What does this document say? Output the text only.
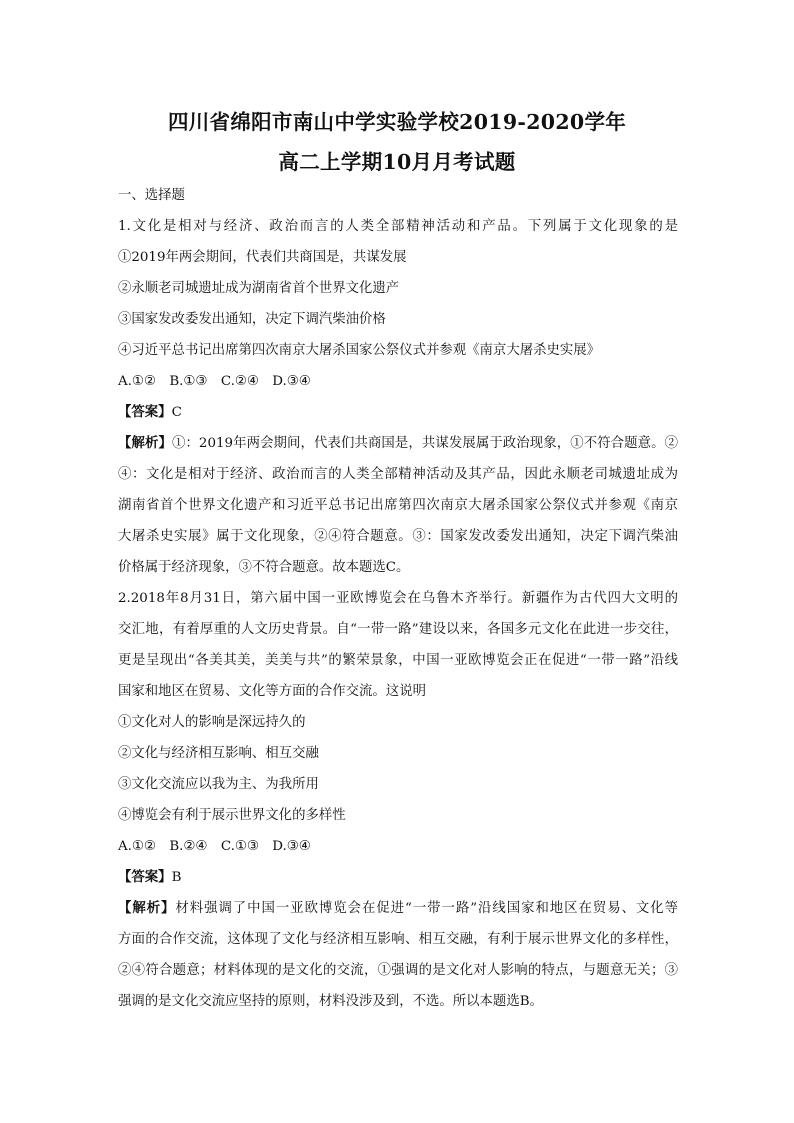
四川省绵阳市南山中学实验学校2019-2020学年
高二上学期10月月考试题
一、选择题
1.文化是相对与经济、政治而言的人类全部精神活动和产品。下列属于文化现象的是
①2019年两会期间，代表们共商国是，共谋发展
②永顺老司城遗址成为湖南省首个世界文化遗产
③国家发改委发出通知，决定下调汽柴油价格
④习近平总书记出席第四次南京大屠杀国家公祭仪式并参观《南京大屠杀史实展》
A.①②　B.①③　C.②④　D.③④
【答案】C
【解析】①：2019年两会期间，代表们共商国是，共谋发展属于政治现象，①不符合题意。②
④：文化是相对于经济、政治而言的人类全部精神活动及其产品，因此永顺老司城遗址成为
湖南省首个世界文化遗产和习近平总书记出席第四次南京大屠杀国家公祭仪式并参观《南京
大屠杀史实展》属于文化现象，②④符合题意。③：国家发改委发出通知，决定下调汽柴油
价格属于经济现象，③不符合题意。故本题选C。
2.2018年8月31日，第六届中国一亚欧博览会在乌鲁木齐举行。新疆作为古代四大文明的
交汇地，有着厚重的人文历史背景。自“一带一路”建设以来，各国多元文化在此进一步交往，
更是呈现出“各美其美，美美与共”的繁荣景象，中国一亚欧博览会正在促进“一带一路”沿线
国家和地区在贸易、文化等方面的合作交流。这说明
①文化对人的影响是深远持久的
②文化与经济相互影响、相互交融
③文化交流应以我为主、为我所用
④博览会有利于展示世界文化的多样性
A.①②　B.②④　C.①③　D.③④
【答案】B
【解析】材料强调了中国一亚欧博览会在促进“一带一路”沿线国家和地区在贸易、文化等
方面的合作交流，这体现了文化与经济相互影响、相互交融，有利于展示世界文化的多样性，
②④符合题意；材料体现的是文化的交流，①强调的是文化对人影响的特点，与题意无关；③
强调的是文化交流应坚持的原则，材料没涉及到，不选。所以本题选B。
